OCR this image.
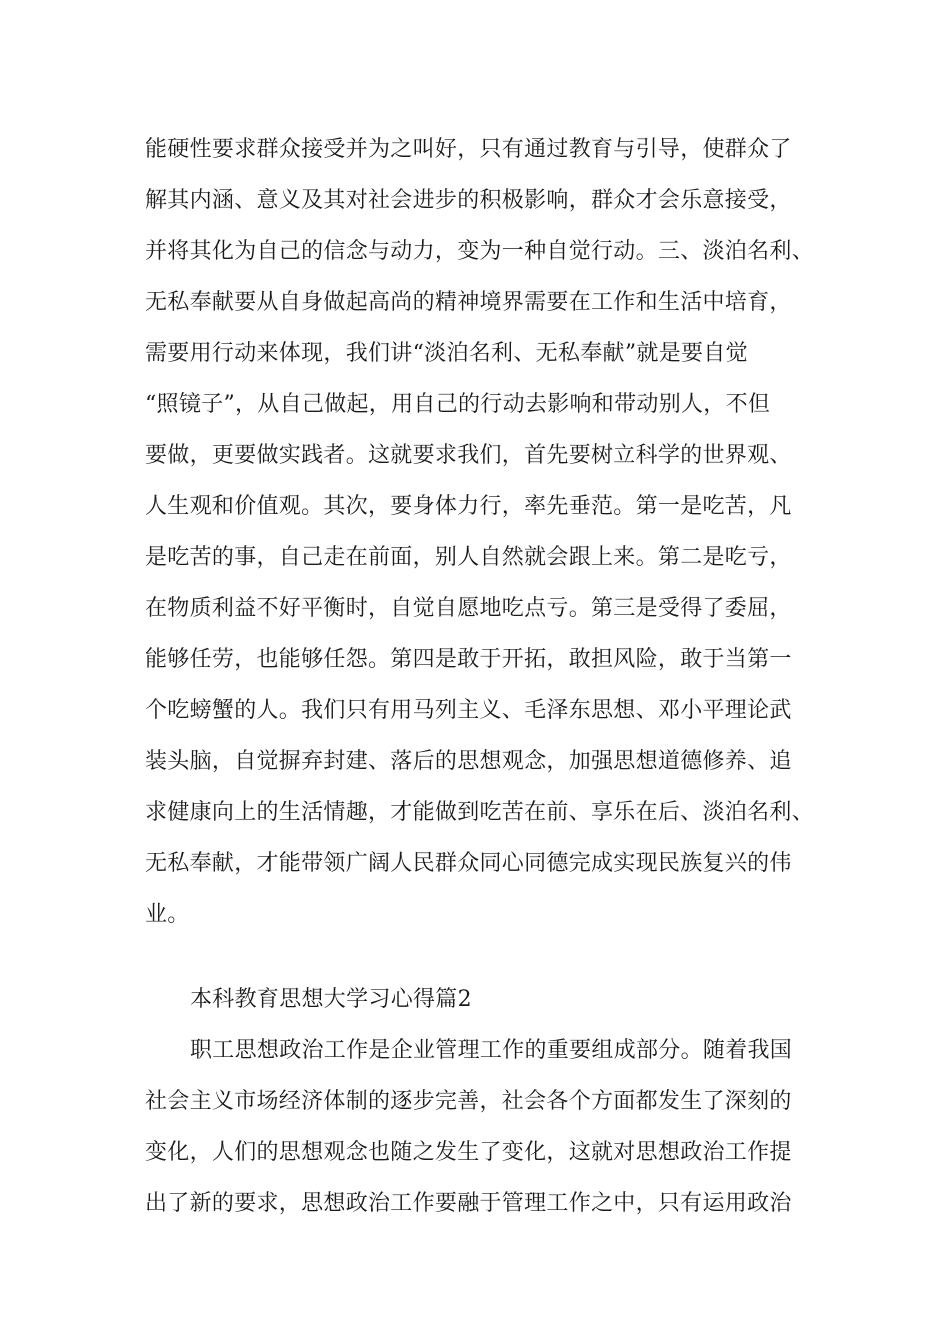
能硬性要求群众接受并为之叫好，只有通过教育与引导，使群众了
解其内涵、意义及其对社会进步的积极影响，群众才会乐意接受，
并将其化为自己的信念与动力，变为一种自觉行动。三、淡泊名利、
无私奉献要从自身做起高尚的精神境界需要在工作和生活中培育，
需要用行动来体现，我们讲“淡泊名利、无私奉献”就是要自觉
“照镜子”，从自己做起，用自己的行动去影响和带动别人，不但
要做，更要做实践者。这就要求我们，首先要树立科学的世界观、
人生观和价值观。其次，要身体力行，率先垂范。第一是吃苦，凡
是吃苦的事，自己走在前面，别人自然就会跟上来。第二是吃亏，
在物质利益不好平衡时，自觉自愿地吃点亏。第三是受得了委屈，
能够任劳，也能够任怨。第四是敢于开拓，敢担风险，敢于当第一
个吃螃蟹的人。我们只有用马列主义、毛泽东思想、邓小平理论武
装头脑，自觉摒弃封建、落后的思想观念，加强思想道德修养、追
求健康向上的生活情趣，才能做到吃苦在前、享乐在后、淡泊名利、
无私奉献，才能带领广阔人民群众同心同德完成实现民族复兴的伟
业。
本科教育思想大学习心得篇2
职工思想政治工作是企业管理工作的重要组成部分。随着我国
社会主义市场经济体制的逐步完善，社会各个方面都发生了深刻的
变化，人们的思想观念也随之发生了变化，这就对思想政治工作提
出了新的要求，思想政治工作要融于管理工作之中，只有运用政治
